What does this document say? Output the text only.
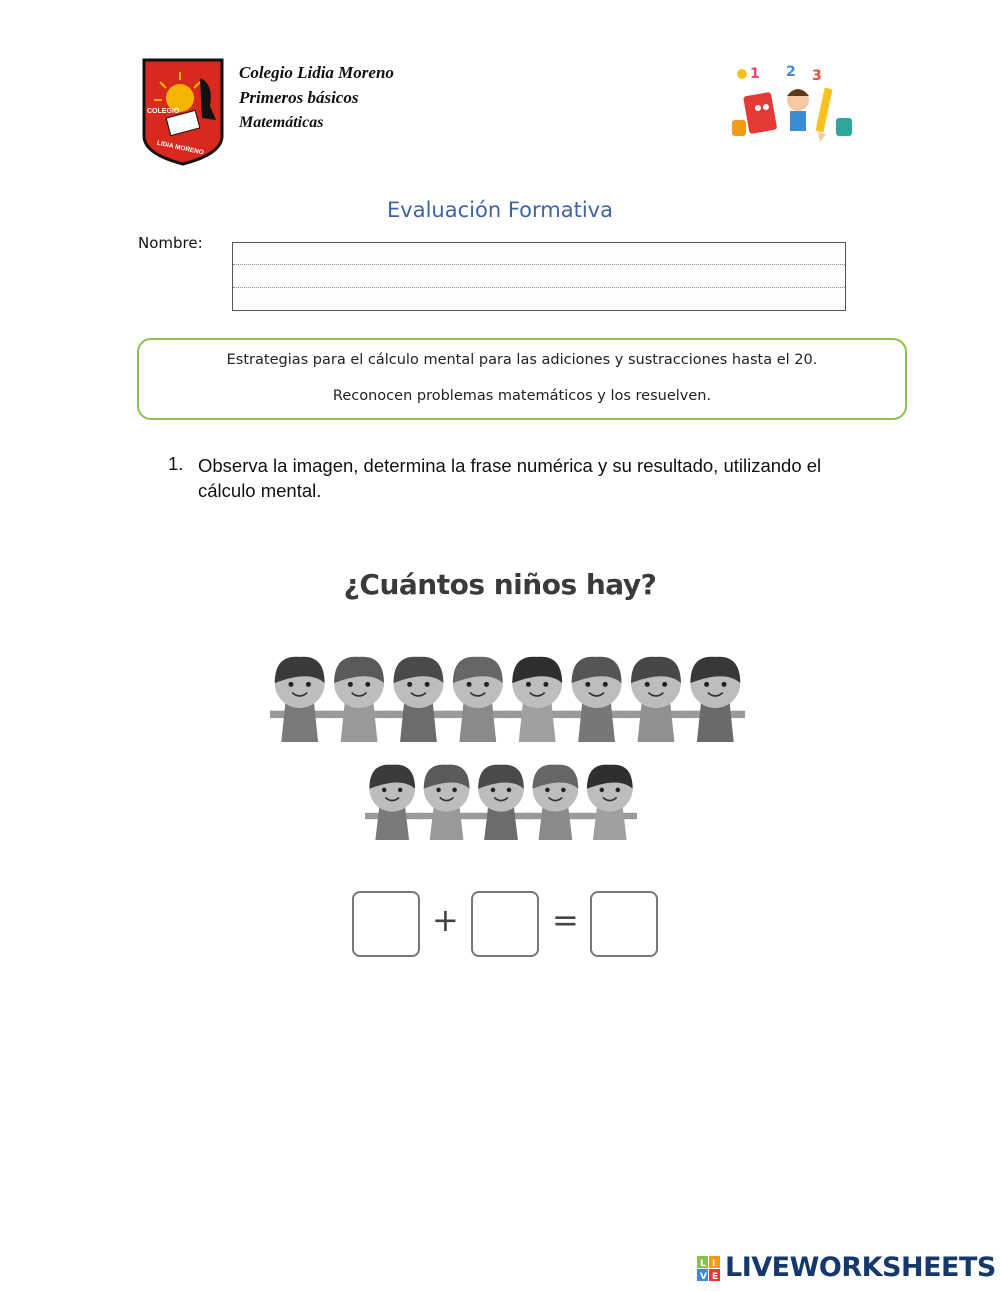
COLEGIO
LIDIA MORENO
Colegio Lidia Moreno
Primeros básicos
Matemáticas
1 2 3
Evaluación Formativa
Nombre:
Estrategias para el cálculo mental para las adiciones y sustracciones hasta el 20.
Reconocen problemas matemáticos y los resuelven.
1. Observa la imagen, determina la frase numérica y su resultado, utilizando el cálculo mental.
¿Cuántos niños hay?
+	=
L I
V E LIVEWORKSHEETS
